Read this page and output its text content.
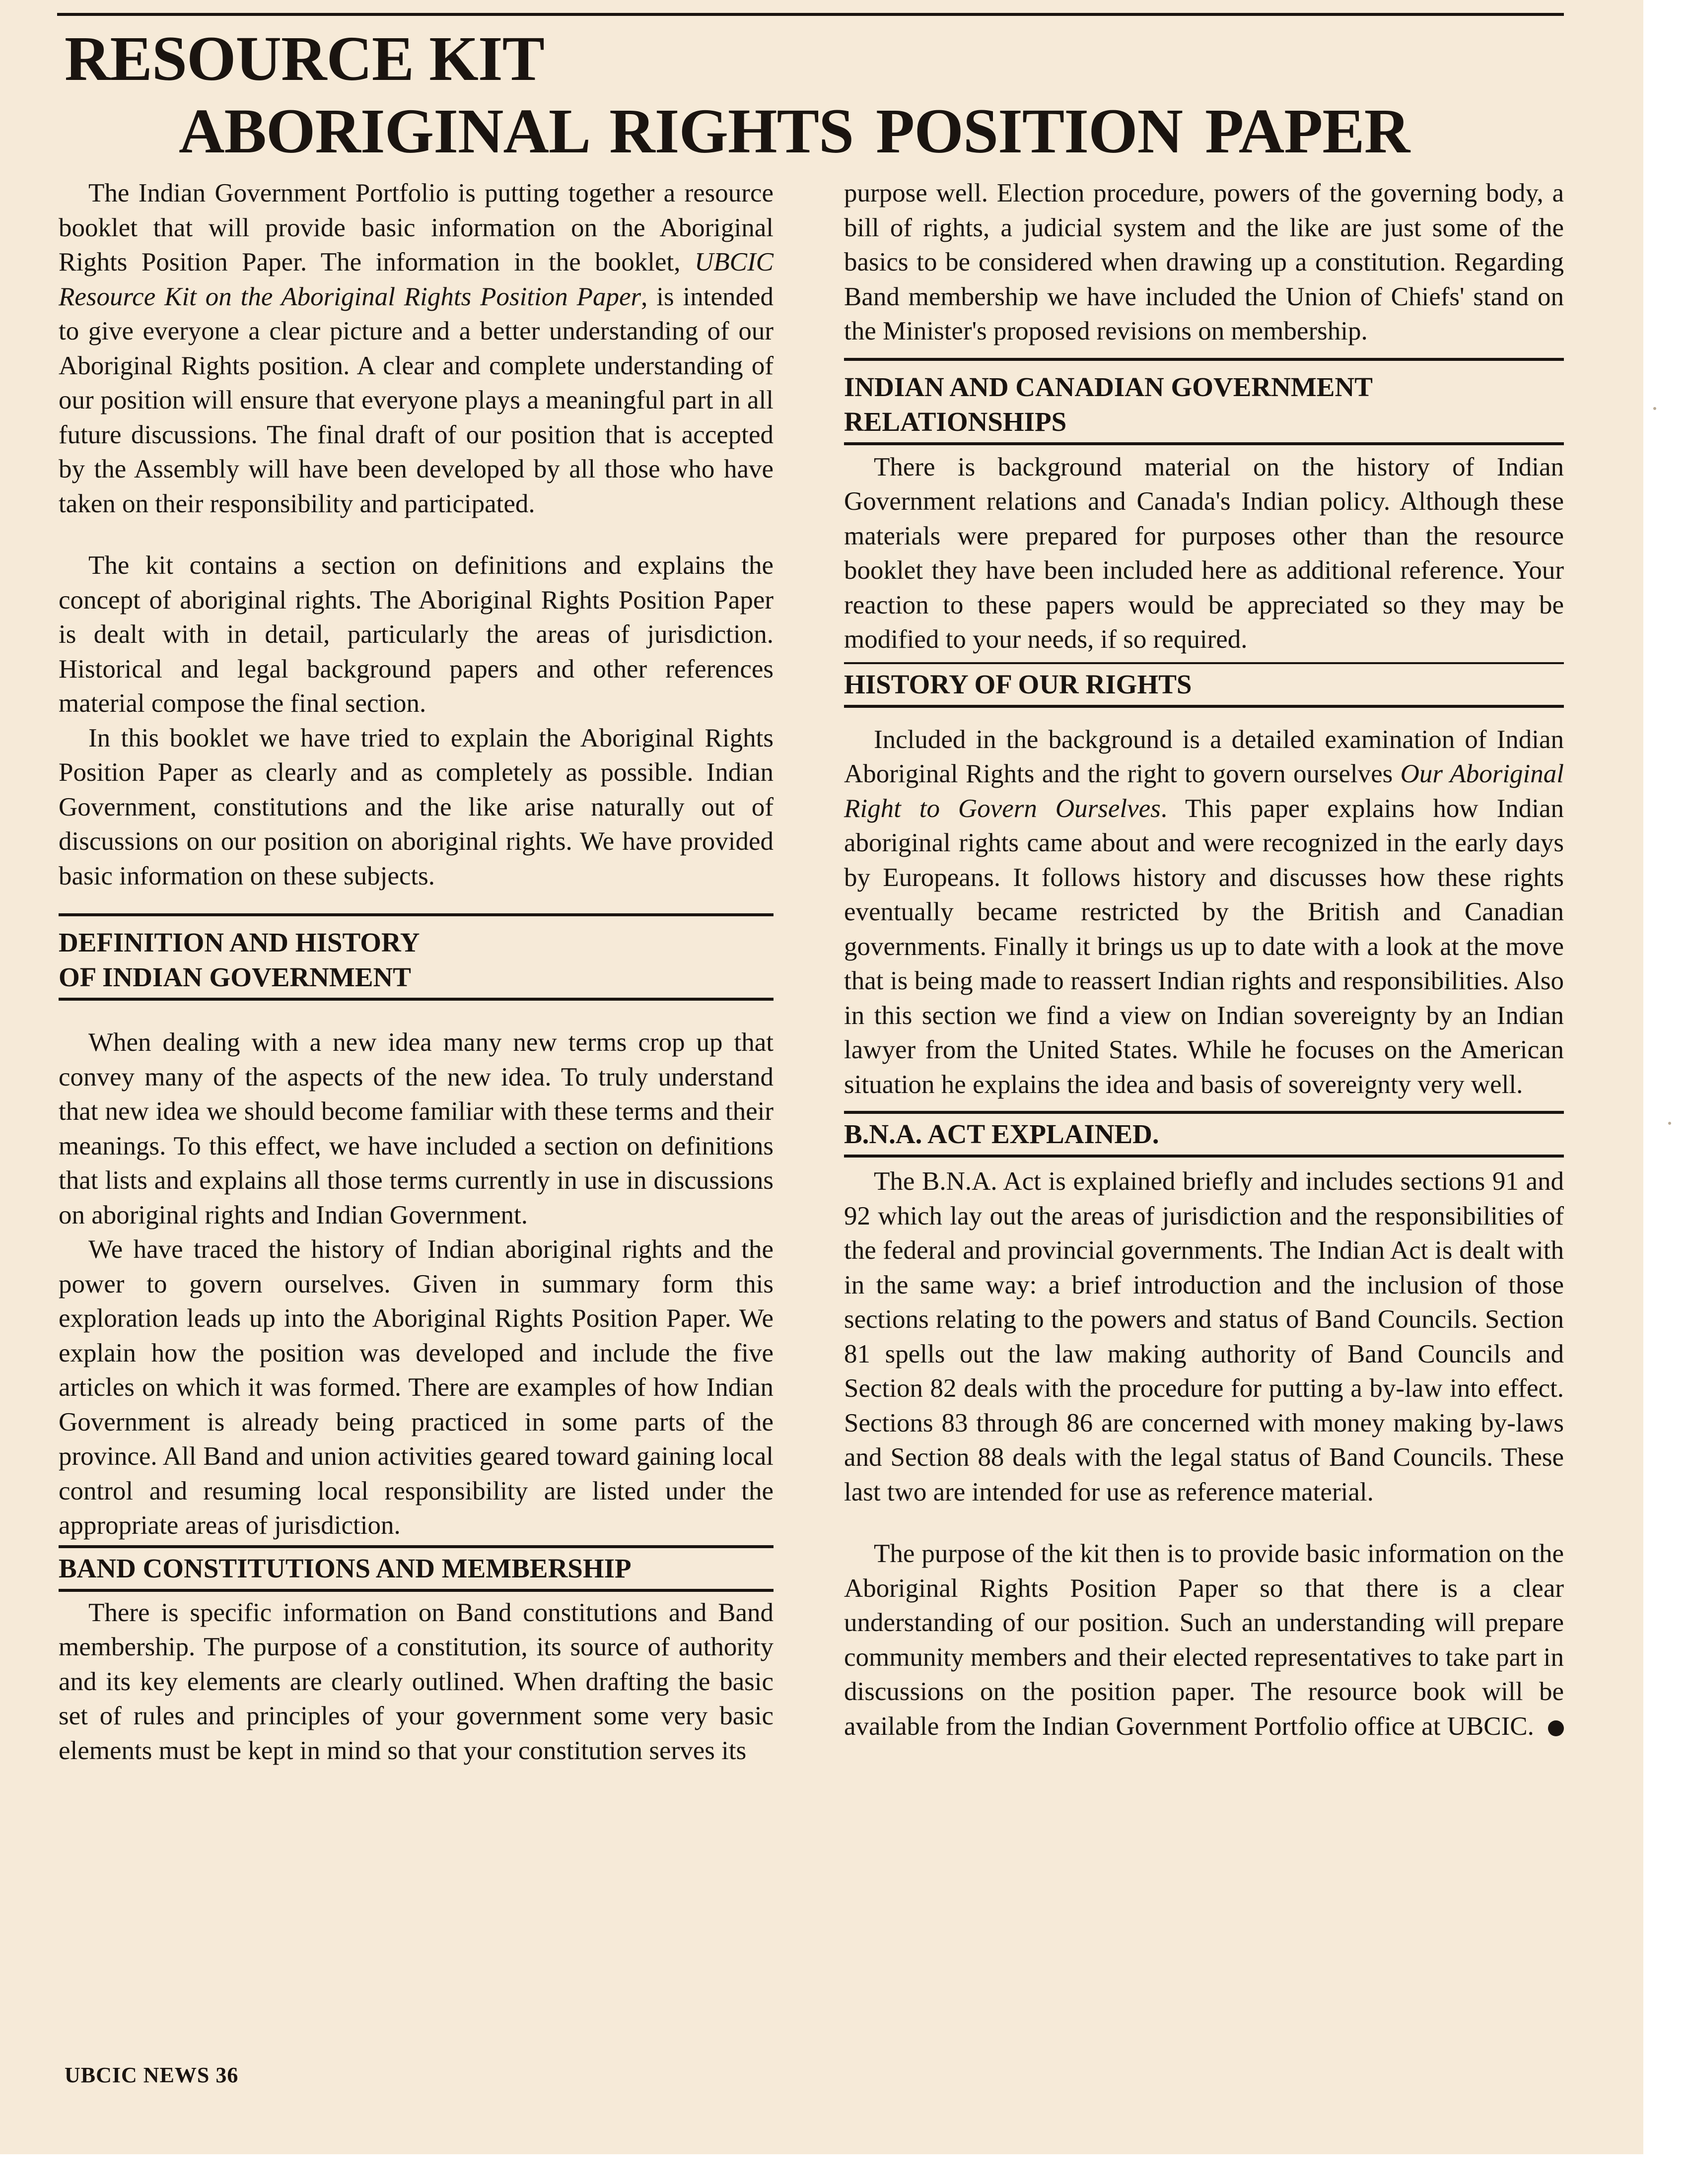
RESOURCE KIT
ABORIGINAL RIGHTS POSITION PAPER

The Indian Government Portfolio is putting together a resource booklet that will provide basic information on the Aboriginal Rights Position Paper. The information in the booklet, UBCIC Resource Kit on the Aboriginal Rights Position Paper, is intended to give everyone a clear picture and a better understanding of our Aboriginal Rights position. A clear and complete understanding of our position will ensure that everyone plays a meaningful part in all future discussions. The final draft of our position that is accepted by the Assembly will have been developed by all those who have taken on their responsibility and participated.

The kit contains a section on definitions and explains the concept of aboriginal rights. The Aboriginal Rights Position Paper is dealt with in detail, particularly the areas of jurisdiction. Historical and legal background papers and other references material compose the final section.

In this booklet we have tried to explain the Aboriginal Rights Position Paper as clearly and as completely as possible. Indian Government, constitutions and the like arise naturally out of discussions on our position on aboriginal rights. We have provided basic information on these subjects.

DEFINITION AND HISTORY
OF INDIAN GOVERNMENT

When dealing with a new idea many new terms crop up that convey many of the aspects of the new idea. To truly understand that new idea we should become familiar with these terms and their meanings. To this effect, we have included a section on definitions that lists and explains all those terms currently in use in discussions on aboriginal rights and Indian Government.

We have traced the history of Indian aboriginal rights and the power to govern ourselves. Given in summary form this exploration leads up into the Aboriginal Rights Position Paper. We explain how the position was developed and include the five articles on which it was formed. There are examples of how Indian Government is already being practiced in some parts of the province. All Band and union activities geared toward gaining local control and resuming local responsibility are listed under the appropriate areas of jurisdiction.

BAND CONSTITUTIONS AND MEMBERSHIP

There is specific information on Band constitutions and Band membership. The purpose of a constitution, its source of authority and its key elements are clearly outlined. When drafting the basic set of rules and principles of your government some very basic elements must be kept in mind so that your constitution serves its

purpose well. Election procedure, powers of the governing body, a bill of rights, a judicial system and the like are just some of the basics to be considered when drawing up a constitution. Regarding Band membership we have included the Union of Chiefs' stand on the Minister's proposed revisions on membership.

INDIAN AND CANADIAN GOVERNMENT
RELATIONSHIPS

There is background material on the history of Indian Government relations and Canada's Indian policy. Although these materials were prepared for purposes other than the resource booklet they have been included here as additional reference. Your reaction to these papers would be appreciated so they may be modified to your needs, if so required.

HISTORY OF OUR RIGHTS

Included in the background is a detailed examination of Indian Aboriginal Rights and the right to govern ourselves Our Aboriginal Right to Govern Ourselves. This paper explains how Indian aboriginal rights came about and were recognized in the early days by Europeans. It follows history and discusses how these rights eventually became restricted by the British and Canadian governments. Finally it brings us up to date with a look at the move that is being made to reassert Indian rights and responsibilities. Also in this section we find a view on Indian sovereignty by an Indian lawyer from the United States. While he focuses on the American situation he explains the idea and basis of sovereignty very well.

B.N.A. ACT EXPLAINED.

The B.N.A. Act is explained briefly and includes sections 91 and 92 which lay out the areas of jurisdiction and the responsibilities of the federal and provincial governments. The Indian Act is dealt with in the same way: a brief introduction and the inclusion of those sections relating to the powers and status of Band Councils. Section 81 spells out the law making authority of Band Councils and Section 82 deals with the procedure for putting a by-law into effect. Sections 83 through 86 are concerned with money making by-laws and Section 88 deals with the legal status of Band Councils. These last two are intended for use as reference material.

The purpose of the kit then is to provide basic information on the Aboriginal Rights Position Paper so that there is a clear understanding of our position. Such an understanding will prepare community members and their elected representatives to take part in discussions on the position paper. The resource book will be available from the Indian Government Portfolio office at UBCIC.

UBCIC NEWS 36
